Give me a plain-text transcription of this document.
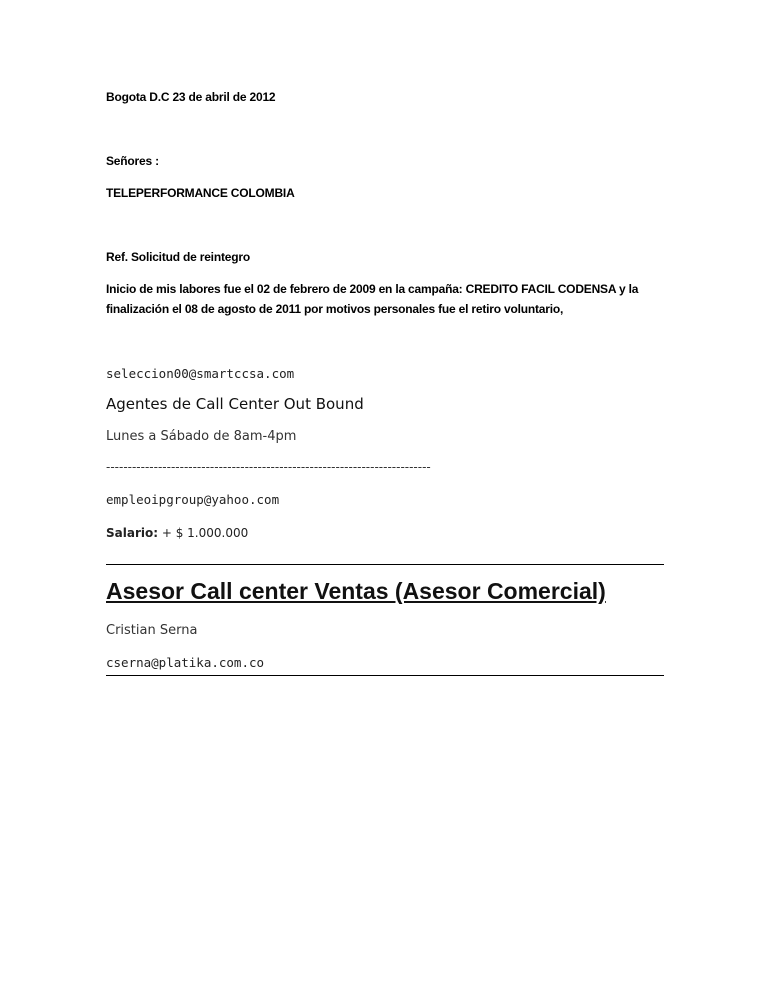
Bogota D.C 23 de abril de 2012
Señores :
TELEPERFORMANCE COLOMBIA
Ref. Solicitud de reintegro
Inicio de mis labores fue el 02 de febrero de 2009 en la campaña: CREDITO FACIL CODENSA y la
finalización el 08 de agosto de 2011 por motivos personales fue el retiro voluntario,
seleccion00@smartccsa.com
Agentes de Call Center Out Bound
Lunes a Sábado de 8am-4pm
---------------------------------------------------------------------------
empleoipgroup@yahoo.com
Salario: + $ 1.000.000
Asesor Call center Ventas (Asesor Comercial)
Cristian Serna
cserna@platika.com.co
